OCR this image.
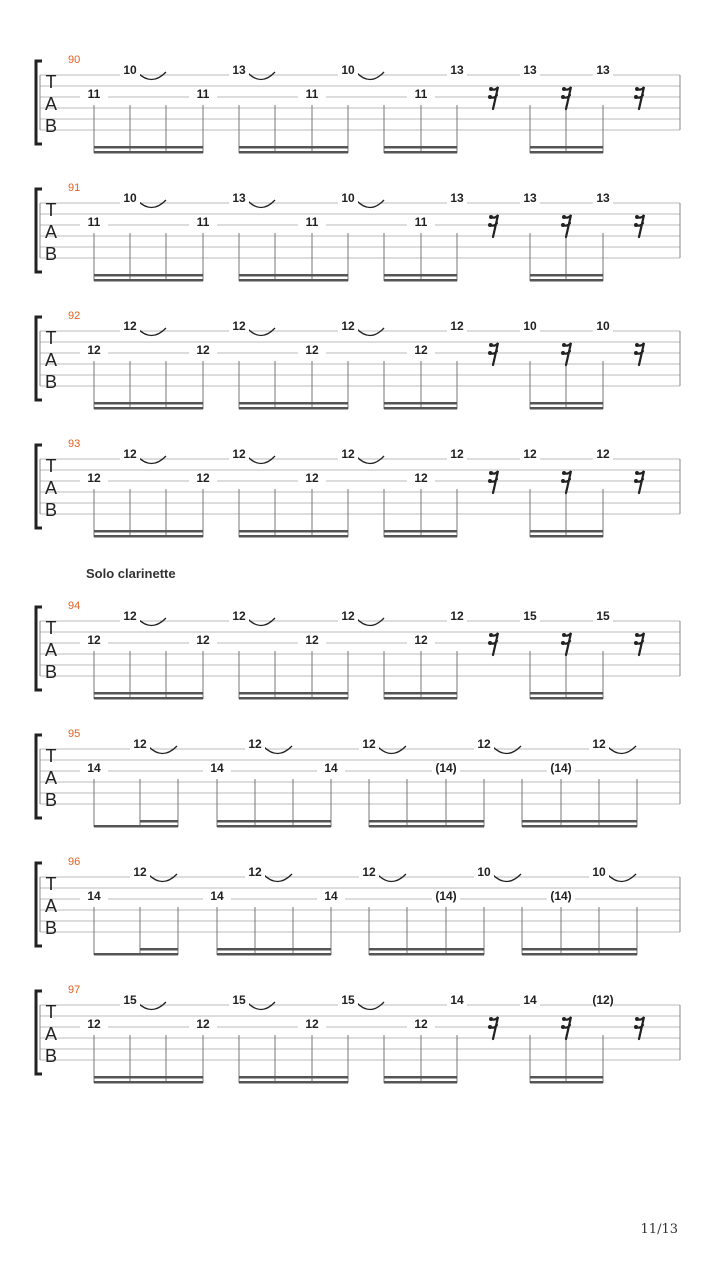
T
A
B
90
10	13	10	13	13	13
11	11	11	11
T
A
B
91
10	13	10	13	13	13
11	11	11	11
T
A
B
92
12	12	12	12	10	10
12	12	12	12
T
A
B
93
12	12	12	12	12	12
12	12	12	12
T
A
B
94
12	12	12	12	15	15
12	12	12	12
T
A
B
95
12	12	12	12	12
14	14	14	(14)	(14)
T
A
B
96
12	12	12	10	10
14	14	14	(14)	(14)
T
A
B
97
15	15	15	14	14	(12)
12	12	12	12
Solo clarinette
11/13
